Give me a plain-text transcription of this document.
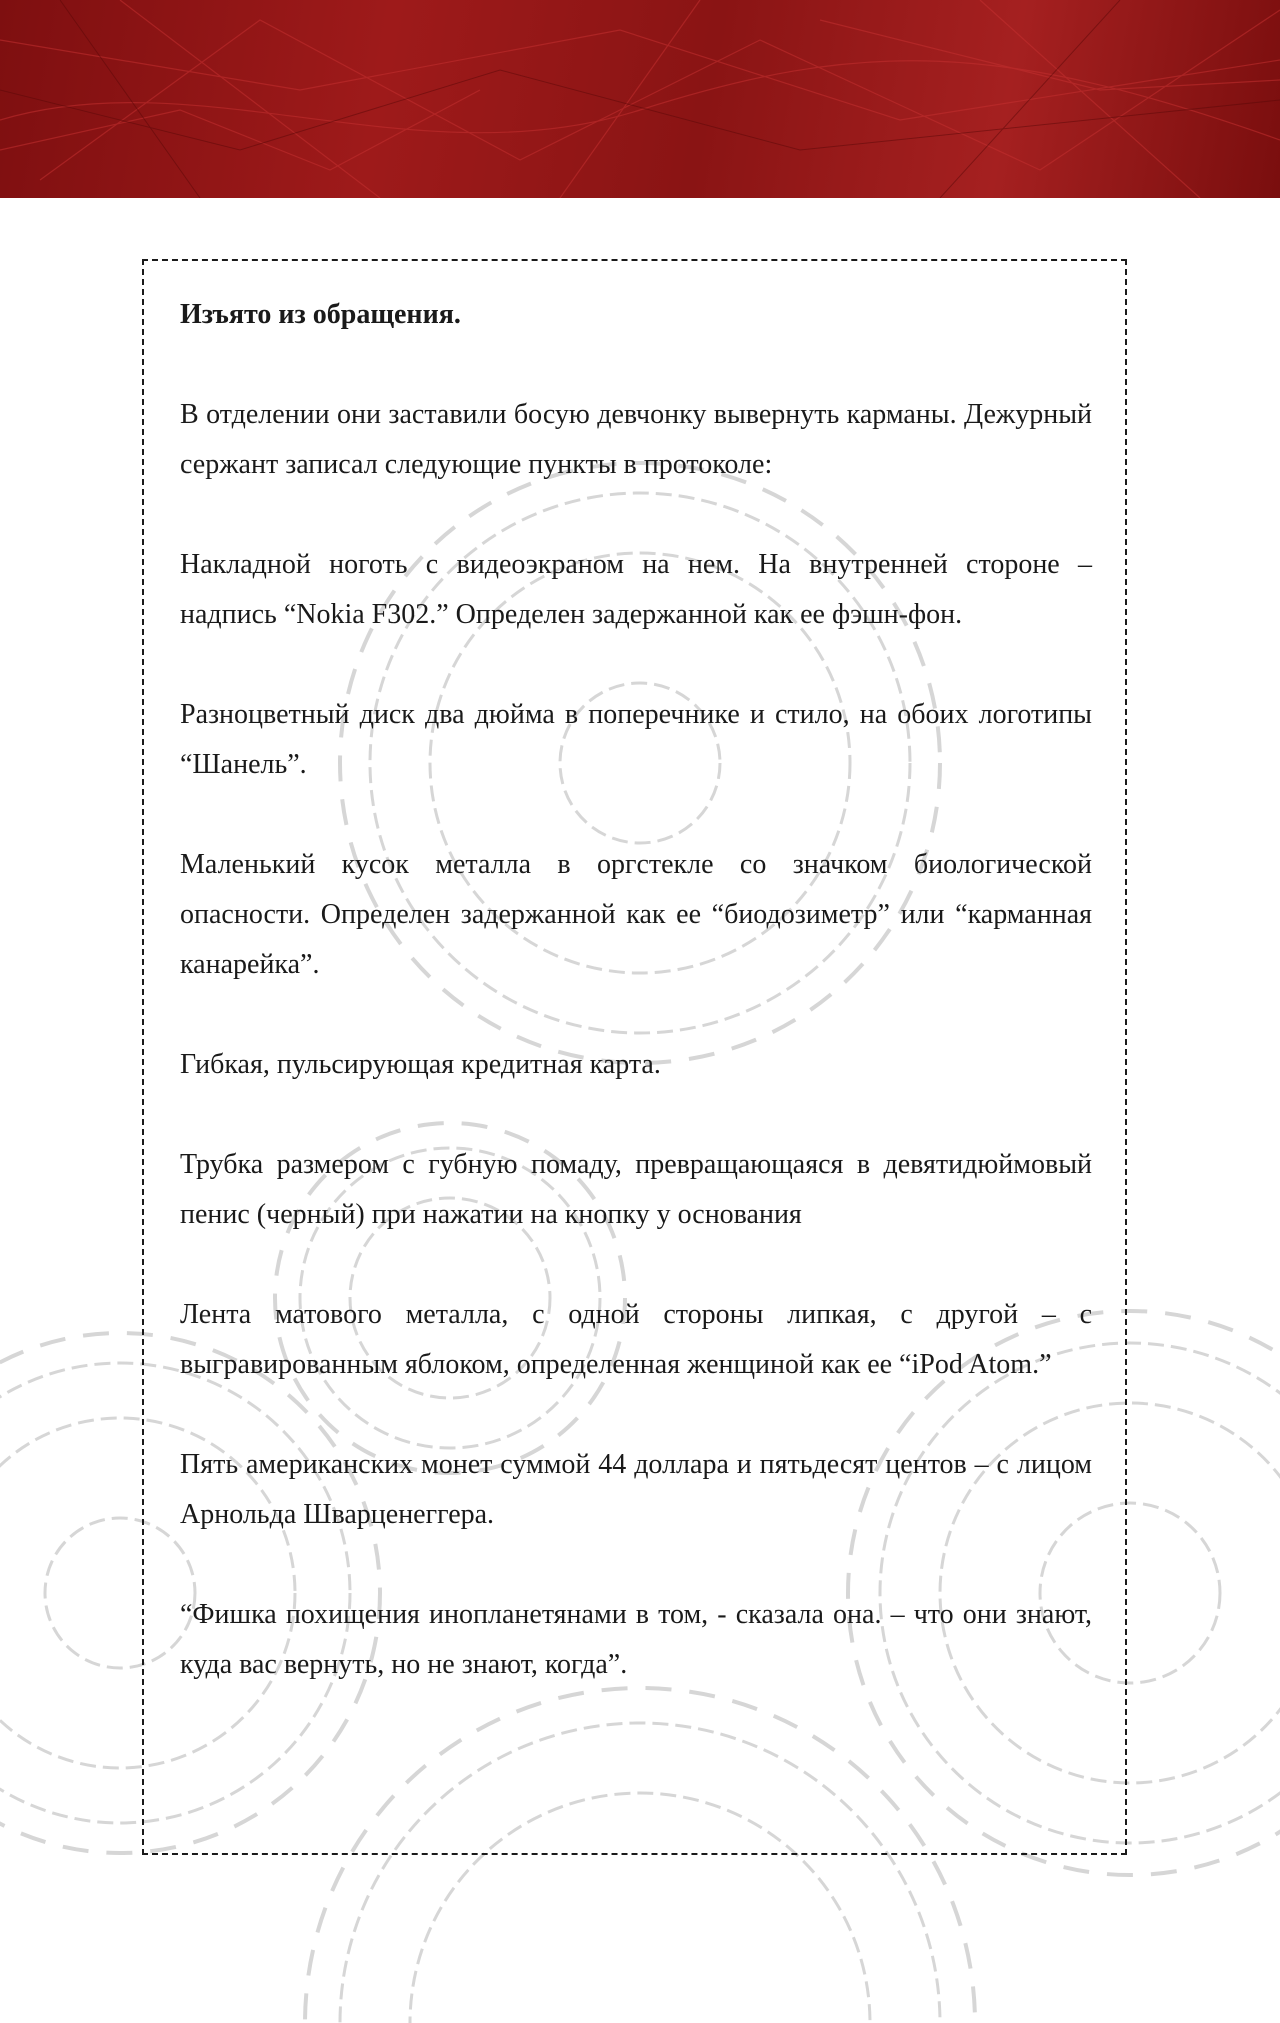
Изъято из обращения.

В отделении они заставили босую девчонку вывернуть карманы. Дежурный сержант записал следующие пункты в протоколе:

Накладной ноготь с видеоэкраном на нем. На внутренней стороне – надпись “Nokia F302.” Определен задержанной как ее фэшн-фон.

Разноцветный диск два дюйма в поперечнике и стило, на обоих логотипы “Шанель”.

Маленький кусок металла в оргстекле со значком биологической опасности. Определен задержанной как ее “биодозиметр” или “карманная канарейка”.

Гибкая, пульсирующая кредитная карта.

Трубка размером с губную помаду, превращающаяся в девятидюймовый пенис (черный) при нажатии на кнопку у основания

Лента матового металла, с одной стороны липкая, с другой – с выгравированным яблоком, определенная женщиной как ее “iPod Atom.”

Пять американских монет суммой 44 доллара и пятьдесят центов – с лицом Арнольда Шварценеггера.

“Фишка похищения инопланетянами в том, - сказала она. – что они знают, куда вас вернуть, но не знают, когда”.
